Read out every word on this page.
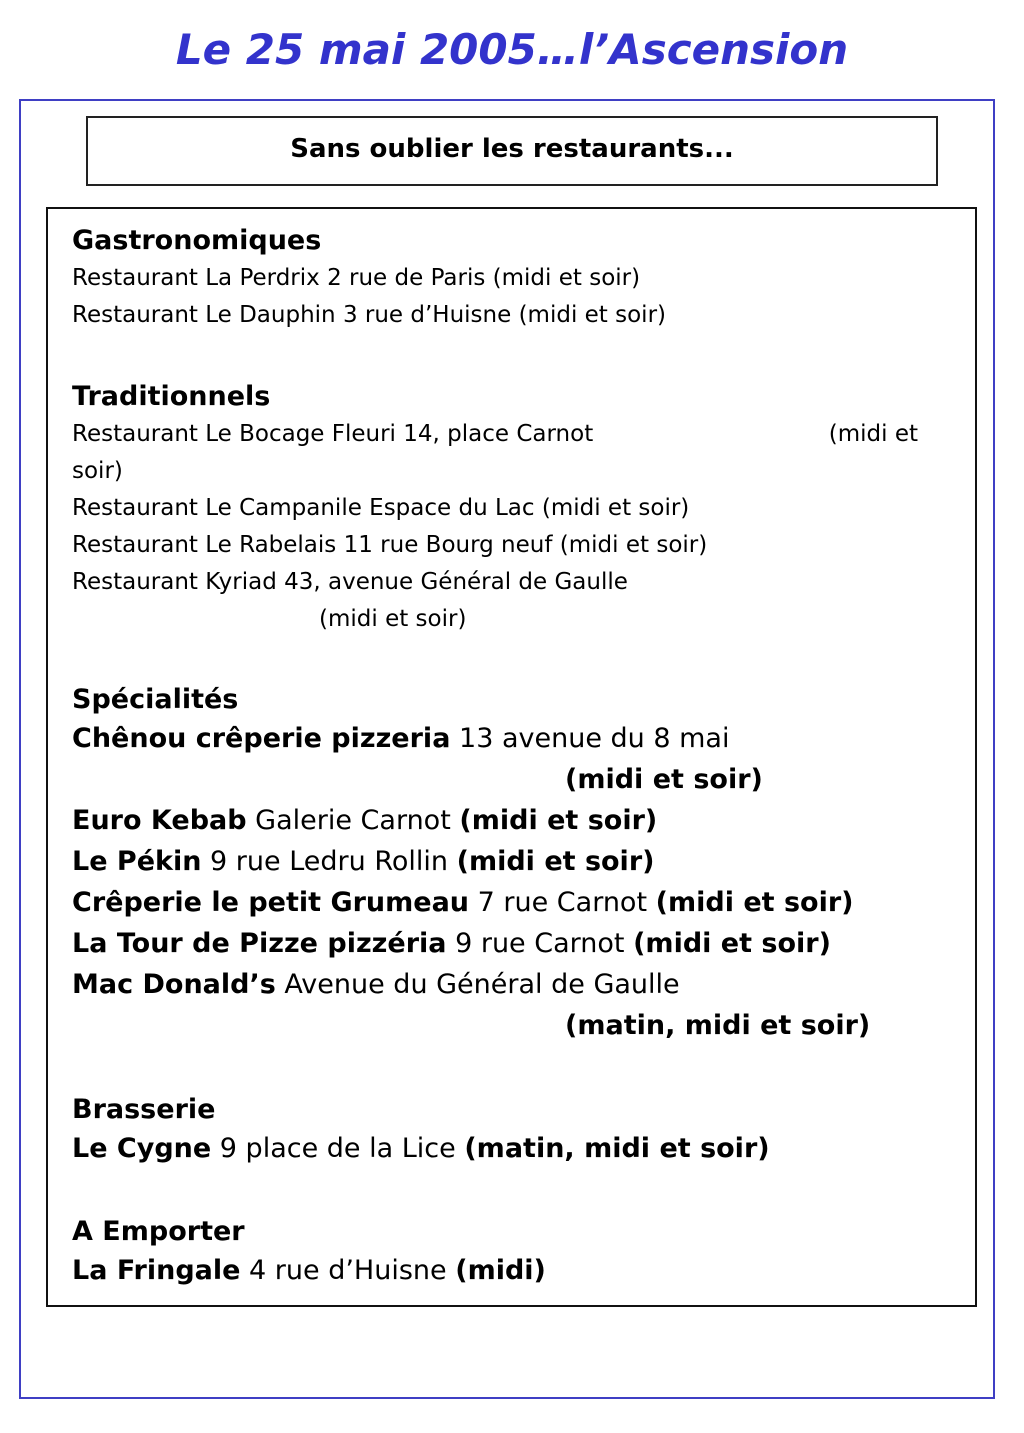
Le 25 mai 2005…l’Ascension
Sans oublier les restaurants...
Gastronomiques
Restaurant La Perdrix 2 rue de Paris (midi et soir)
Restaurant Le Dauphin 3 rue d’Huisne (midi et soir)
Traditionnels
Restaurant Le Bocage Fleuri 14, place Carnot	(midi et
soir)
Restaurant Le Campanile Espace du Lac (midi et soir)
Restaurant Le Rabelais 11 rue Bourg neuf (midi et soir)
Restaurant Kyriad 43, avenue Général de Gaulle
(midi et soir)
Spécialités
Chênou crêperie pizzeria 13 avenue du 8 mai
(midi et soir)
Euro Kebab Galerie Carnot (midi et soir)
Le Pékin 9 rue Ledru Rollin (midi et soir)
Crêperie le petit Grumeau 7 rue Carnot (midi et soir)
La Tour de Pizze pizzéria 9 rue Carnot (midi et soir)
Mac Donald’s Avenue du Général de Gaulle
(matin, midi et soir)
Brasserie
Le Cygne 9 place de la Lice (matin, midi et soir)
A Emporter
La Fringale 4 rue d’Huisne (midi)
